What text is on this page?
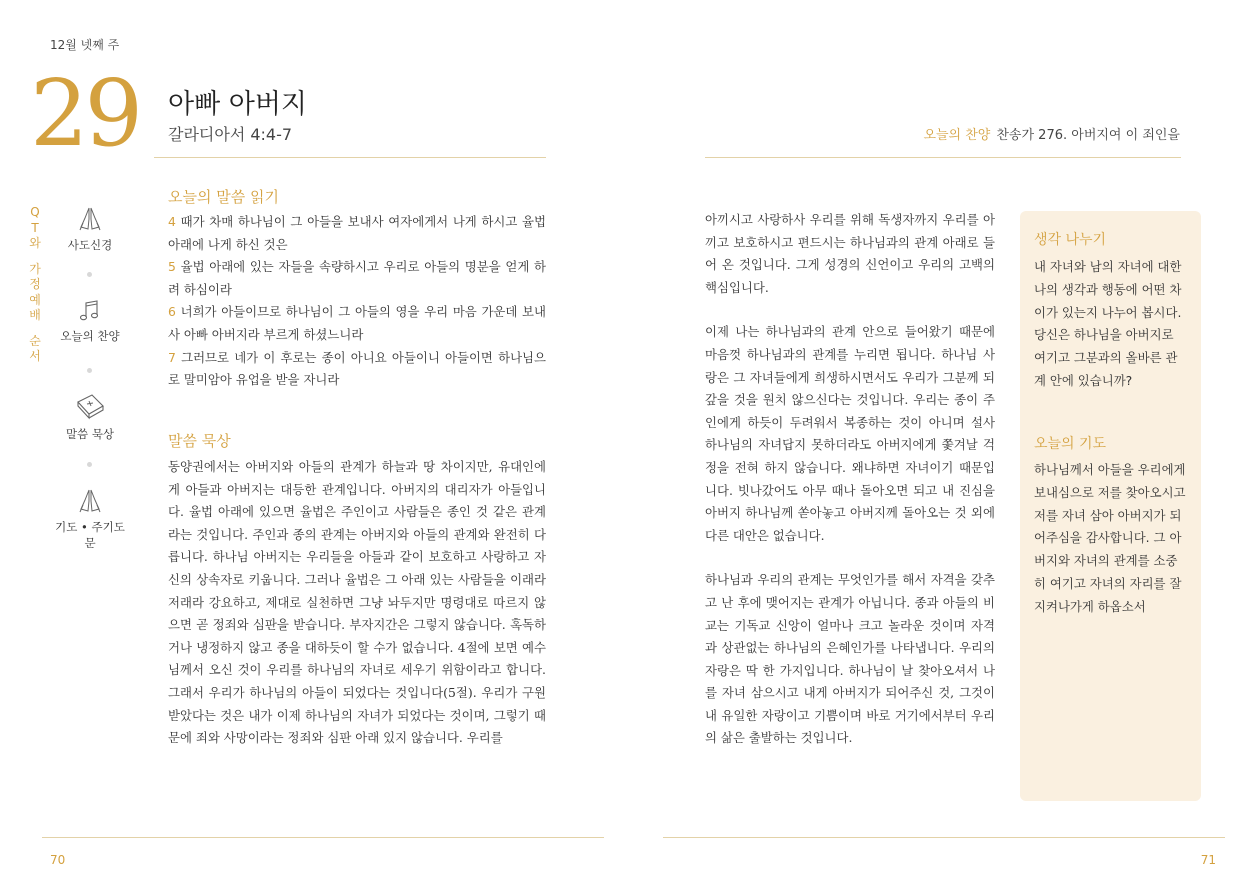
12월 넷째 주
29 아빠 아버지
갈라디아서 4:4-7	오늘의 찬양 찬송가 276. 아버지여 이 죄인을
Q
T
와
가
정
예
배
순
서
사도신경
오늘의 찬양
말씀 묵상
기도 • 주기도문
오늘의 말씀 읽기
4 때가 차매 하나님이 그 아들을 보내사 여자에게서 나게 하시고 율법 아래에 나게 하신 것은
5 율법 아래에 있는 자들을 속량하시고 우리로 아들의 명분을 얻게 하려 하심이라
6 너희가 아들이므로 하나님이 그 아들의 영을 우리 마음 가운데 보내사 아빠 아버지라 부르게 하셨느니라
7 그러므로 네가 이 후로는 종이 아니요 아들이니 아들이면 하나님으로 말미암아 유업을 받을 자니라
말씀 묵상
동양권에서는 아버지와 아들의 관계가 하늘과 땅 차이지만, 유대인에게 아들과 아버지는 대등한 관계입니다. 아버지의 대리자가 아들입니다. 율법 아래에 있으면 율법은 주인이고 사람들은 종인 것 같은 관계라는 것입니다. 주인과 종의 관계는 아버지와 아들의 관계와 완전히 다릅니다. 하나님 아버지는 우리들을 아들과 같이 보호하고 사랑하고 자신의 상속자로 키웁니다. 그러나 율법은 그 아래 있는 사람들을 이래라 저래라 강요하고, 제대로 실천하면 그냥 놔두지만 명령대로 따르지 않으면 곧 정죄와 심판을 받습니다. 부자지간은 그렇지 않습니다. 혹독하거나 냉정하지 않고 종을 대하듯이 할 수가 없습니다. 4절에 보면 예수님께서 오신 것이 우리를 하나님의 자녀로 세우기 위함이라고 합니다. 그래서 우리가 하나님의 아들이 되었다는 것입니다(5절). 우리가 구원받았다는 것은 내가 이제 하나님의 자녀가 되었다는 것이며, 그렇기 때문에 죄와 사망이라는 정죄와 심판 아래 있지 않습니다. 우리를

아끼시고 사랑하사 우리를 위해 독생자까지 우리를 아끼고 보호하시고 편드시는 하나님과의 관계 아래로 들어 온 것입니다. 그게 성경의 신언이고 우리의 고백의 핵심입니다.

이제 나는 하나님과의 관계 안으로 들어왔기 때문에 마음껏 하나님과의 관계를 누리면 됩니다. 하나님 사랑은 그 자녀들에게 희생하시면서도 우리가 그분께 되갚을 것을 원치 않으신다는 것입니다. 우리는 종이 주인에게 하듯이 두려워서 복종하는 것이 아니며 설사 하나님의 자녀답지 못하더라도 아버지에게 쫓겨날 걱정을 전혀 하지 않습니다. 왜냐하면 자녀이기 때문입니다. 빗나갔어도 아무 때나 돌아오면 되고 내 진심을 아버지 하나님께 쏟아놓고 아버지께 돌아오는 것 외에 다른 대안은 없습니다.

하나님과 우리의 관계는 무엇인가를 해서 자격을 갖추고 난 후에 맺어지는 관계가 아닙니다. 종과 아들의 비교는 기독교 신앙이 얼마나 크고 놀라운 것이며 자격과 상관없는 하나님의 은혜인가를 나타냅니다. 우리의 자랑은 딱 한 가지입니다. 하나님이 날 찾아오셔서 나를 자녀 삼으시고 내게 아버지가 되어주신 것, 그것이 내 유일한 자랑이고 기쁨이며 바로 거기에서부터 우리의 삶은 출발하는 것입니다.

생각 나누기
내 자녀와 남의 자녀에 대한 나의 생각과 행동에 어떤 차이가 있는지 나누어 봅시다. 당신은 하나님을 아버지로 여기고 그분과의 올바른 관계 안에 있습니까?
오늘의 기도
하나님께서 아들을 우리에게 보내심으로 저를 찾아오시고 저를 자녀 삼아 아버지가 되어주심을 감사합니다. 그 아버지와 자녀의 관계를 소중히 여기고 자녀의 자리를 잘 지켜나가게 하옵소서
70	71
